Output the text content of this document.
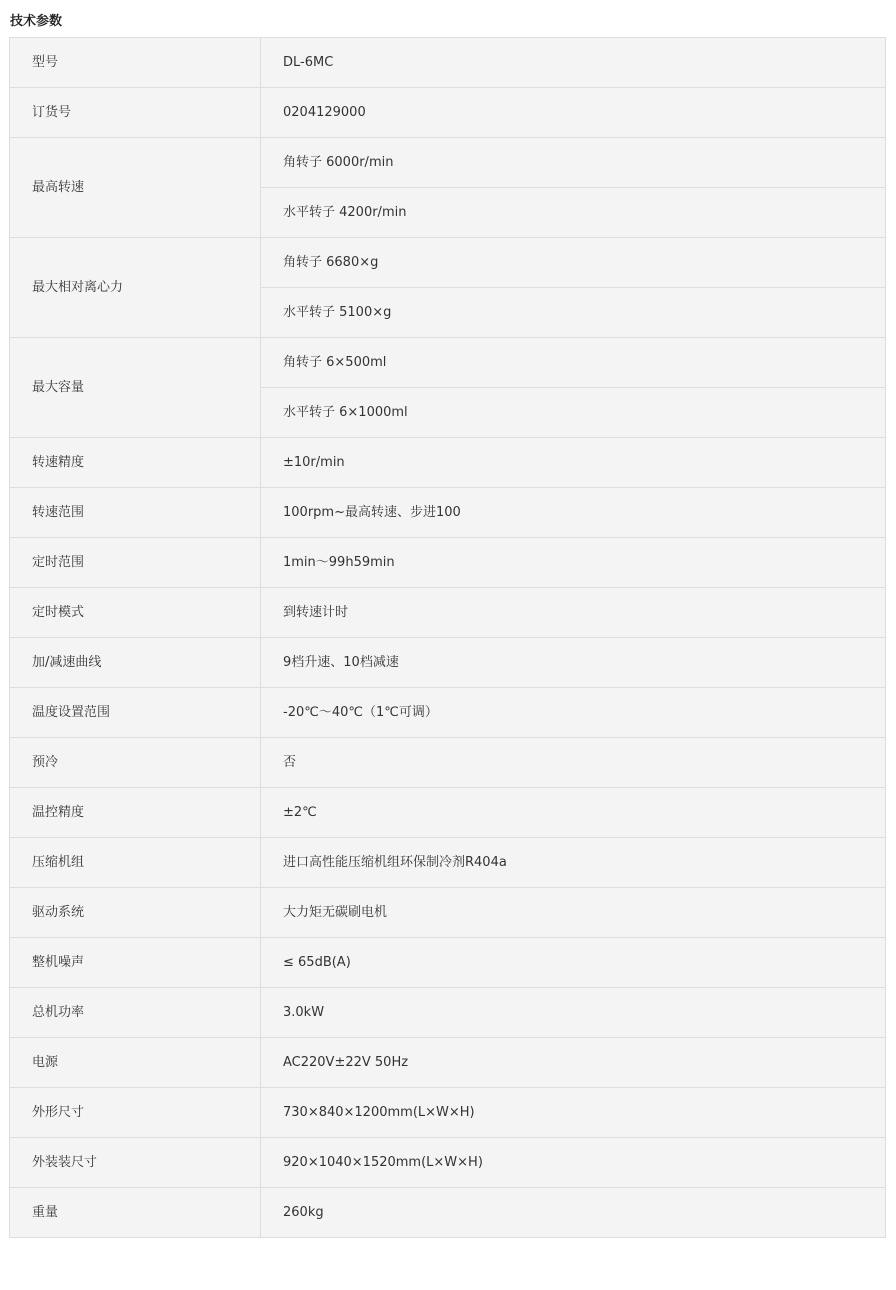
技术参数
型号	DL-6MC
订货号	0204129000
最高转速	角转子 6000r/min
	水平转子 4200r/min
最大相对离心力	角转子 6680×g
	水平转子 5100×g
最大容量	角转子 6×500ml
	水平转子 6×1000ml
转速精度	±10r/min
转速范围	100rpm~最高转速、步进100
定时范围	1min～99h59min
定时模式	到转速计时
加/减速曲线	9档升速、10档减速
温度设置范围	-20℃～40℃（1℃可调）
预冷	否
温控精度	±2℃
压缩机组	进口高性能压缩机组环保制冷剂R404a
驱动系统	大力矩无碳刷电机
整机噪声	≤ 65dB(A)
总机功率	3.0kW
电源	AC220V±22V 50Hz
外形尺寸	730×840×1200mm(L×W×H)
外装装尺寸	920×1040×1520mm(L×W×H)
重量	260kg
